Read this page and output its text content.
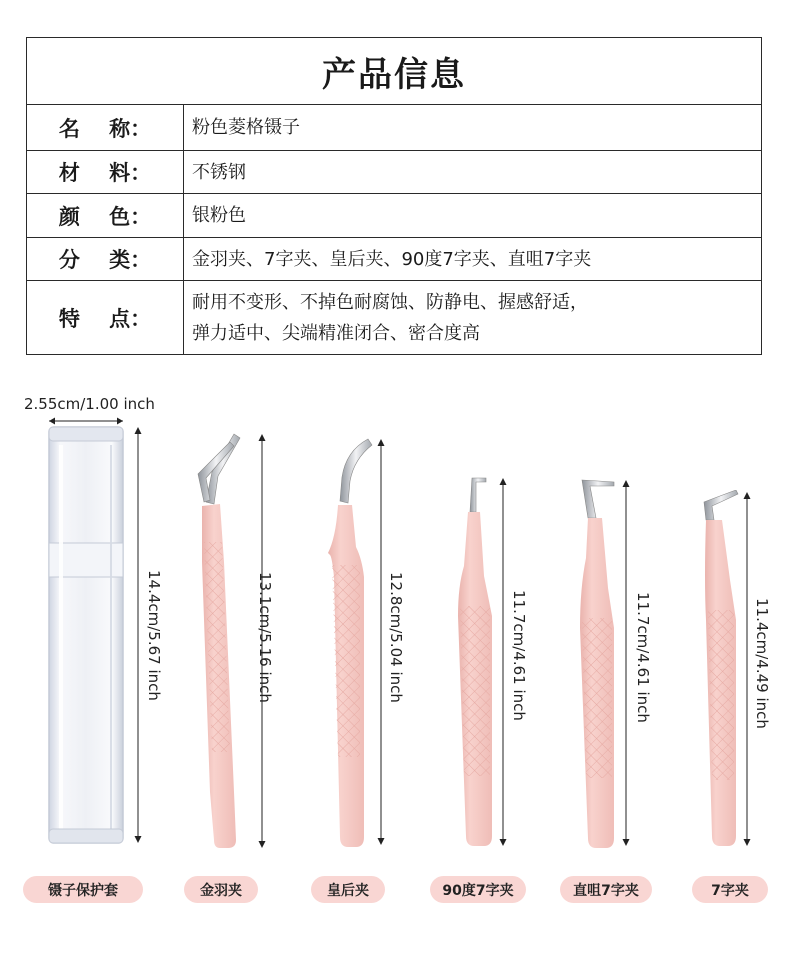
产品信息
名    称：	粉色菱格镊子
材    料：	不锈钢
颜    色：	银粉色
分    类：	金羽夹、7字夹、皇后夹、90度7字夹、直咀7字夹
特    点：
耐用不变形、不掉色耐腐蚀、防静电、握感舒适，
弹力适中、尖端精准闭合、密合度高
2.55cm/1.00 inch
14.4cm/5.67 inch	13.1cm/5.16 inch	12.8cm/5.04 inch	11.7cm/4.61 inch	11.7cm/4.61 inch	11.4cm/4.49 inch
镊子保护套	金羽夹	皇后夹	90度7字夹	直咀7字夹	7字夹
